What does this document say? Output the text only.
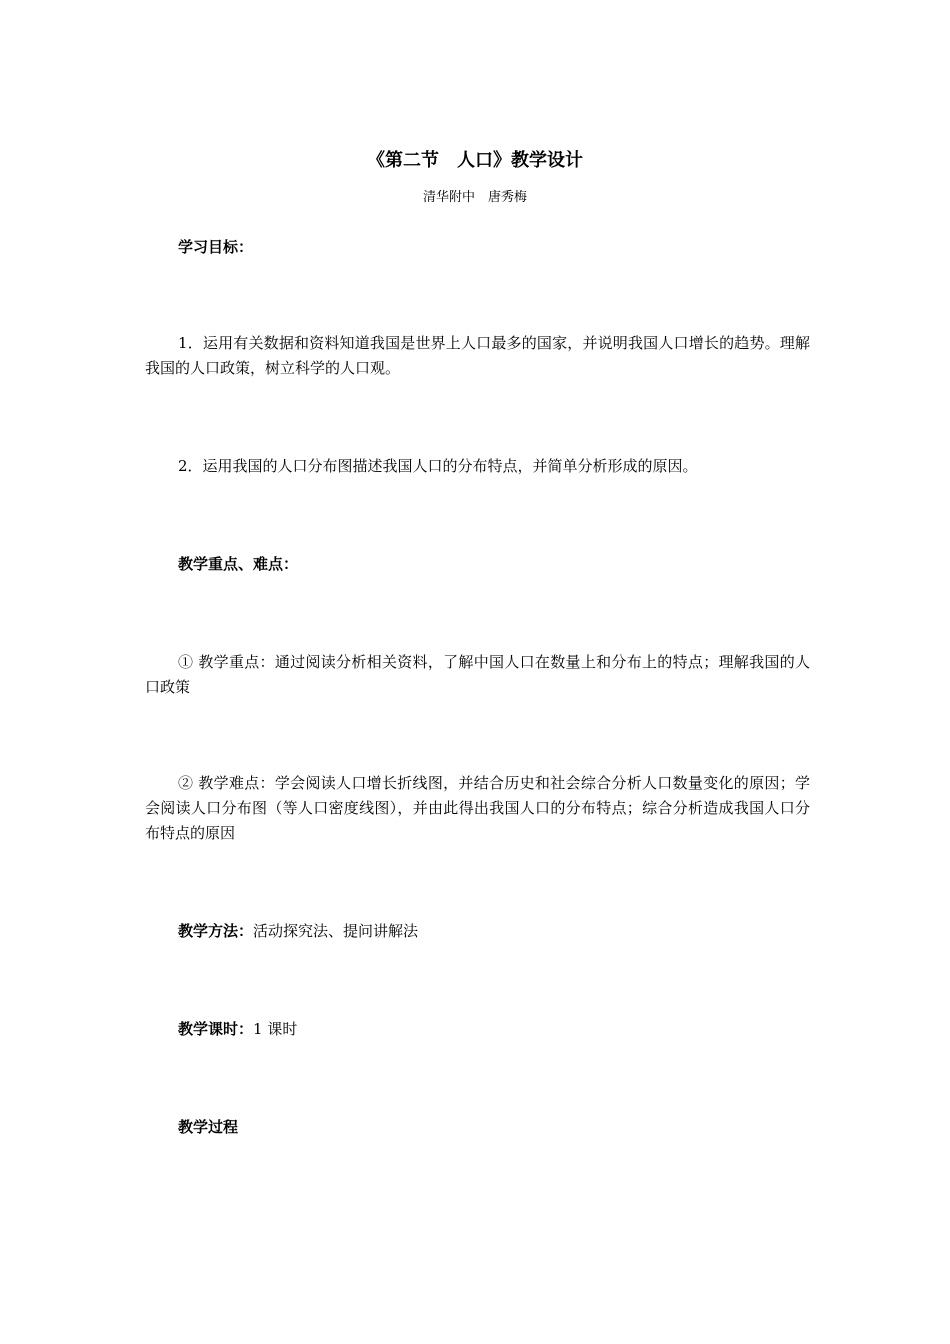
《第二节　人口》教学设计
清华附中　唐秀梅
学习目标：
1．运用有关数据和资料知道我国是世界上人口最多的国家，并说明我国人口增长的趋势。理解我国的人口政策，树立科学的人口观。
2．运用我国的人口分布图描述我国人口的分布特点，并简单分析形成的原因。
教学重点、难点：
① 教学重点：通过阅读分析相关资料，了解中国人口在数量上和分布上的特点；理解我国的人口政策
② 教学难点：学会阅读人口增长折线图，并结合历史和社会综合分析人口数量变化的原因；学会阅读人口分布图（等人口密度线图），并由此得出我国人口的分布特点；综合分析造成我国人口分布特点的原因
教学方法：活动探究法、提问讲解法
教学课时：1 课时
教学过程
